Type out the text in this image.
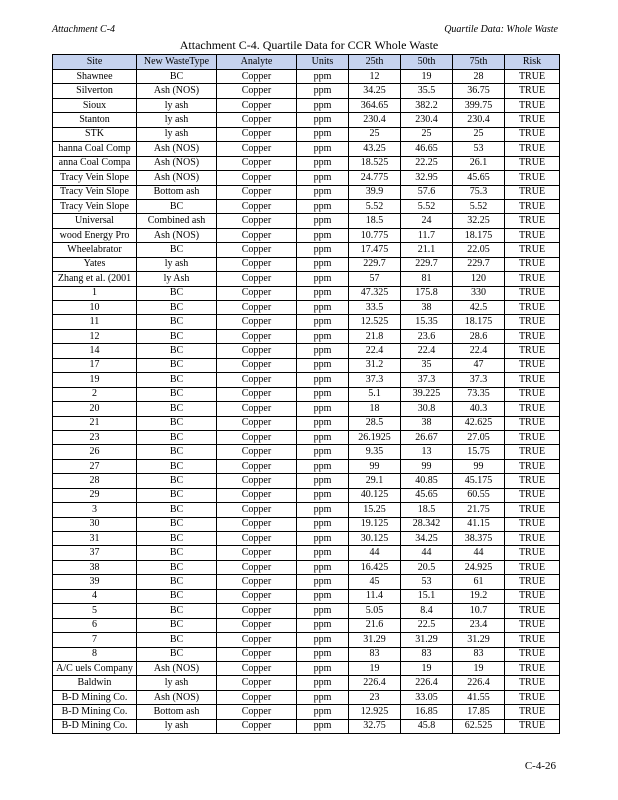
Attachment C-4	Quartile Data: Whole Waste
Attachment C-4. Quartile Data for CCR Whole Waste
Site	New WasteType	Analyte	Units	25th	50th	75th	Risk
Shawnee	BC	Copper	ppm	12	19	28	TRUE
Silverton	Ash (NOS)	Copper	ppm	34.25	35.5	36.75	TRUE
Sioux	ly ash	Copper	ppm	364.65	382.2	399.75	TRUE
Stanton	ly ash	Copper	ppm	230.4	230.4	230.4	TRUE
STK	ly ash	Copper	ppm	25	25	25	TRUE
hanna Coal Comp	Ash (NOS)	Copper	ppm	43.25	46.65	53	TRUE
anna Coal Compa	Ash (NOS)	Copper	ppm	18.525	22.25	26.1	TRUE
Tracy Vein Slope	Ash (NOS)	Copper	ppm	24.775	32.95	45.65	TRUE
Tracy Vein Slope	Bottom ash	Copper	ppm	39.9	57.6	75.3	TRUE
Tracy Vein Slope	BC	Copper	ppm	5.52	5.52	5.52	TRUE
Universal	Combined ash	Copper	ppm	18.5	24	32.25	TRUE
wood Energy Pro	Ash (NOS)	Copper	ppm	10.775	11.7	18.175	TRUE
Wheelabrator	BC	Copper	ppm	17.475	21.1	22.05	TRUE
Yates	ly ash	Copper	ppm	229.7	229.7	229.7	TRUE
Zhang et al. (2001	ly Ash	Copper	ppm	57	81	120	TRUE
1	BC	Copper	ppm	47.325	175.8	330	TRUE
10	BC	Copper	ppm	33.5	38	42.5	TRUE
11	BC	Copper	ppm	12.525	15.35	18.175	TRUE
12	BC	Copper	ppm	21.8	23.6	28.6	TRUE
14	BC	Copper	ppm	22.4	22.4	22.4	TRUE
17	BC	Copper	ppm	31.2	35	47	TRUE
19	BC	Copper	ppm	37.3	37.3	37.3	TRUE
2	BC	Copper	ppm	5.1	39.225	73.35	TRUE
20	BC	Copper	ppm	18	30.8	40.3	TRUE
21	BC	Copper	ppm	28.5	38	42.625	TRUE
23	BC	Copper	ppm	26.1925	26.67	27.05	TRUE
26	BC	Copper	ppm	9.35	13	15.75	TRUE
27	BC	Copper	ppm	99	99	99	TRUE
28	BC	Copper	ppm	29.1	40.85	45.175	TRUE
29	BC	Copper	ppm	40.125	45.65	60.55	TRUE
3	BC	Copper	ppm	15.25	18.5	21.75	TRUE
30	BC	Copper	ppm	19.125	28.342	41.15	TRUE
31	BC	Copper	ppm	30.125	34.25	38.375	TRUE
37	BC	Copper	ppm	44	44	44	TRUE
38	BC	Copper	ppm	16.425	20.5	24.925	TRUE
39	BC	Copper	ppm	45	53	61	TRUE
4	BC	Copper	ppm	11.4	15.1	19.2	TRUE
5	BC	Copper	ppm	5.05	8.4	10.7	TRUE
6	BC	Copper	ppm	21.6	22.5	23.4	TRUE
7	BC	Copper	ppm	31.29	31.29	31.29	TRUE
8	BC	Copper	ppm	83	83	83	TRUE
A/C uels Company	Ash (NOS)	Copper	ppm	19	19	19	TRUE
Baldwin	ly ash	Copper	ppm	226.4	226.4	226.4	TRUE
B-D Mining Co.	Ash (NOS)	Copper	ppm	23	33.05	41.55	TRUE
B-D Mining Co.	Bottom ash	Copper	ppm	12.925	16.85	17.85	TRUE
B-D Mining Co.	ly ash	Copper	ppm	32.75	45.8	62.525	TRUE
C-4-26
